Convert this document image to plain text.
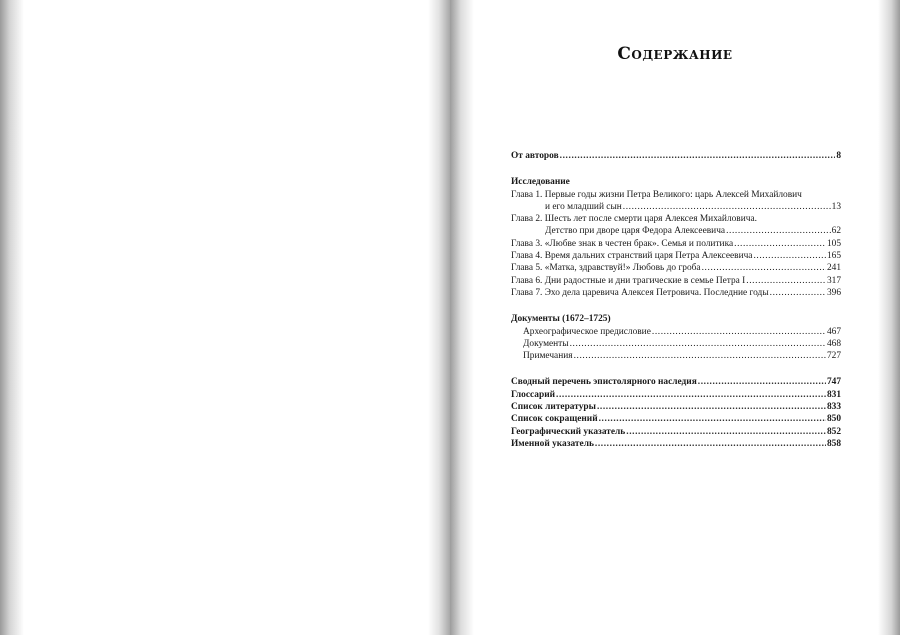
Содержание
От авторов .....	8
Исследование
Глава 1. Первые годы жизни Петра Великого: царь Алексей Михайлович
и его младший сын .....	13
Глава 2. Шесть лет после смерти царя Алексея Михайловича.
Детство при дворе царя Федора Алексеевича .....	62
Глава 3. «Любве знак в честен брак». Семья и политика .....	105
Глава 4. Время дальних странствий царя Петра Алексеевича .....	165
Глава 5. «Матка, здравствуй!» Любовь до гроба .....	241
Глава 6. Дни радостные и дни трагические в семье Петра I .....	317
Глава 7. Эхо дела царевича Алексея Петровича. Последние годы .....	396
Документы (1672–1725)
Археографическое предисловие .....	467
Документы .....	468
Примечания .....	727
Сводный перечень эпистолярного наследия .....	747
Глоссарий .....	831
Список литературы .....	833
Список сокращений .....	850
Географический указатель .....	852
Именной указатель .....	858
